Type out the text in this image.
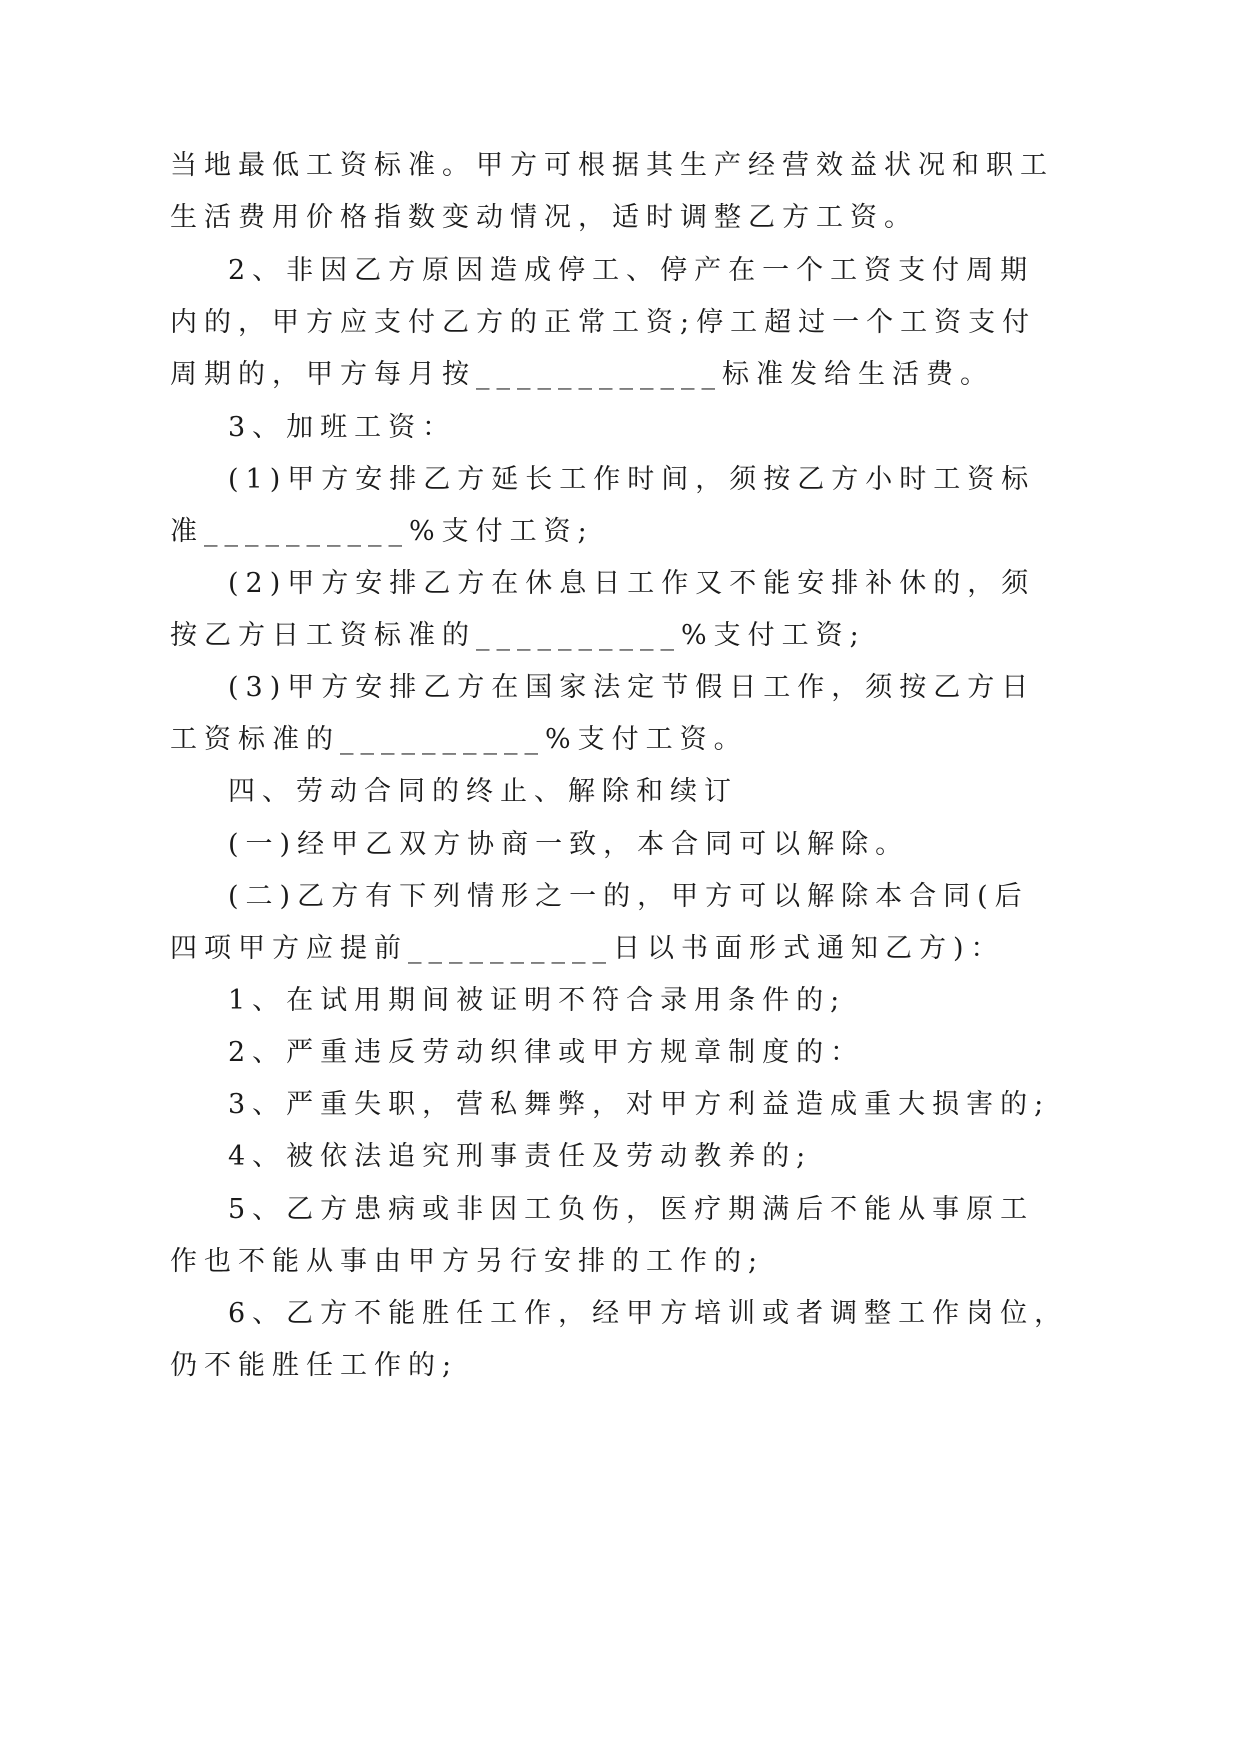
当地最低工资标准。甲方可根据其生产经营效益状况和职工

生活费用价格指数变动情况，适时调整乙方工资。

2、非因乙方原因造成停工、停产在一个工资支付周期

内的，甲方应支付乙方的正常工资;停工超过一个工资支付

周期的，甲方每月按____________标准发给生活费。

3、加班工资：

(1)甲方安排乙方延长工作时间，须按乙方小时工资标

准__________%支付工资;

(2)甲方安排乙方在休息日工作又不能安排补休的，须

按乙方日工资标准的__________%支付工资;

(3)甲方安排乙方在国家法定节假日工作，须按乙方日

工资标准的__________%支付工资。

四、劳动合同的终止、解除和续订

(一)经甲乙双方协商一致，本合同可以解除。

(二)乙方有下列情形之一的，甲方可以解除本合同(后

四项甲方应提前__________日以书面形式通知乙方)：

1、在试用期间被证明不符合录用条件的;

2、严重违反劳动织律或甲方规章制度的：

3、严重失职，营私舞弊，对甲方利益造成重大损害的;

4、被依法追究刑事责任及劳动教养的;

5、乙方患病或非因工负伤，医疗期满后不能从事原工

作也不能从事由甲方另行安排的工作的;

6、乙方不能胜任工作，经甲方培训或者调整工作岗位，

仍不能胜任工作的;
